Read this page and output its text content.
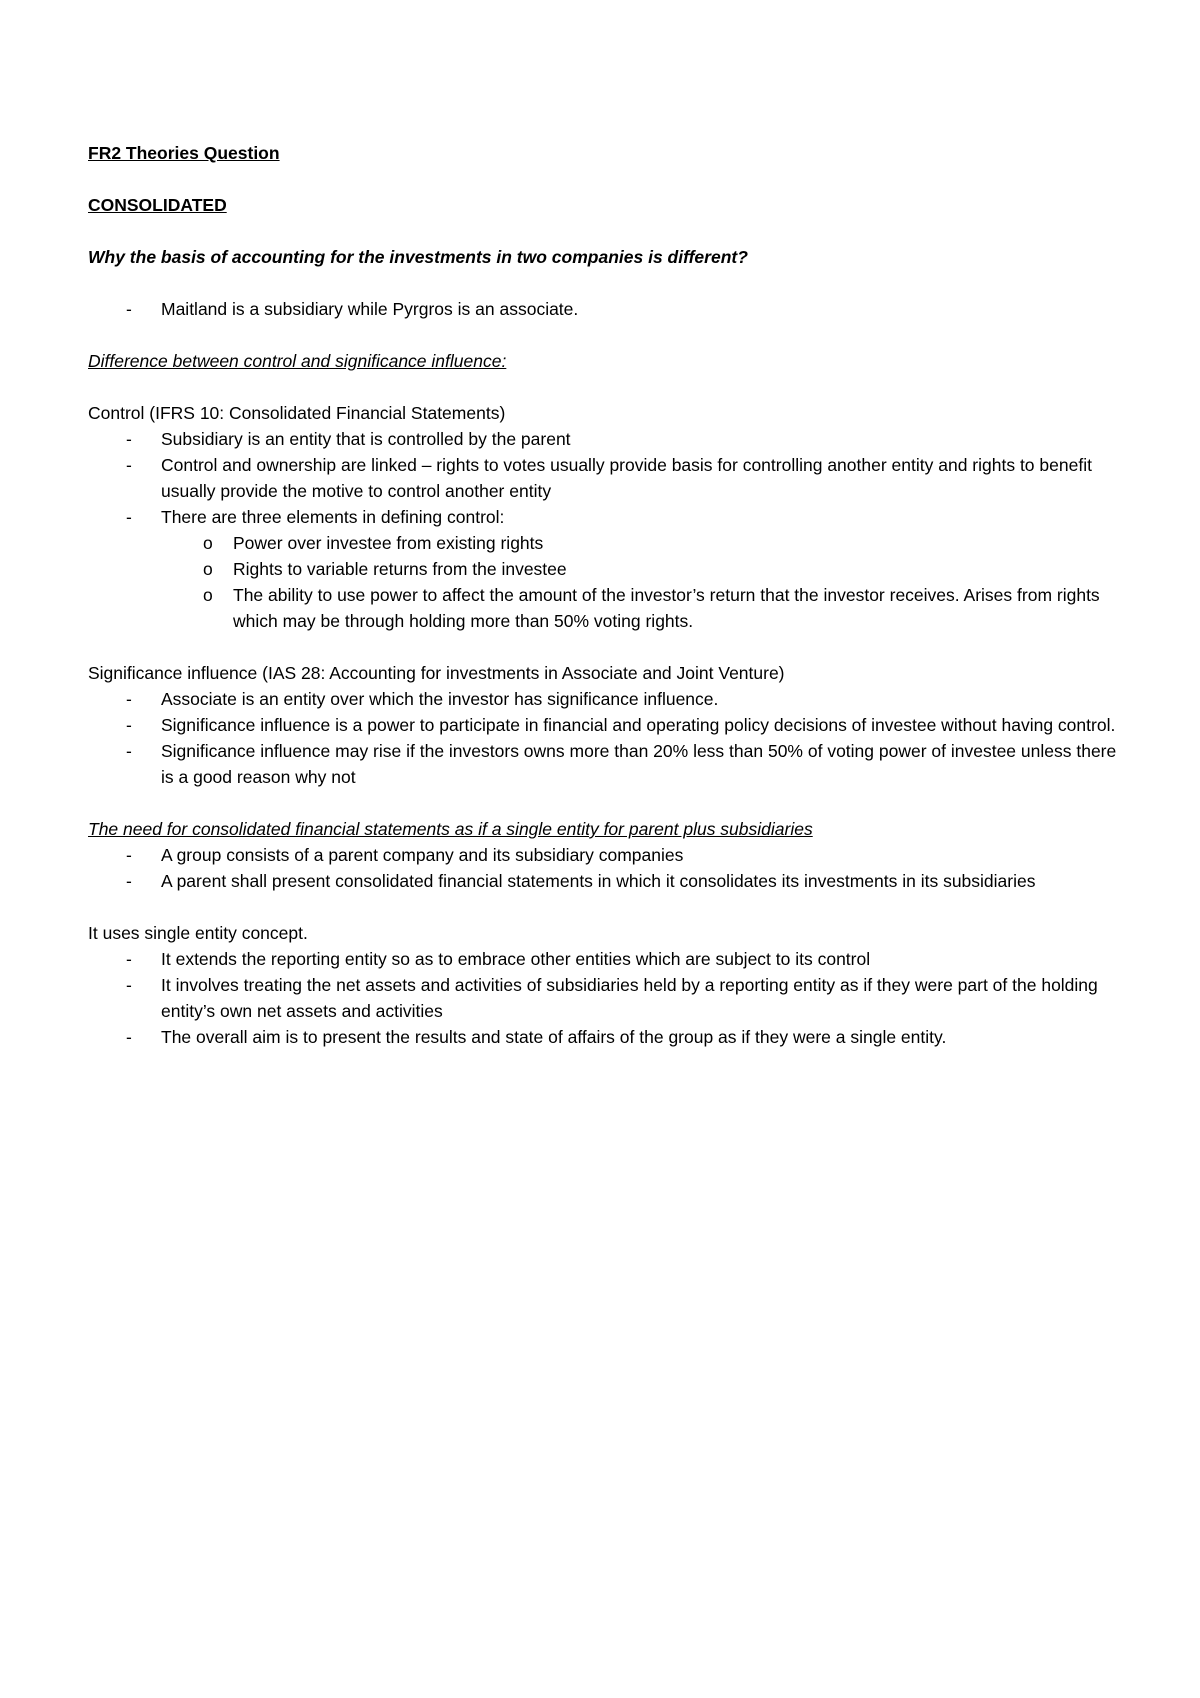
FR2 Theories Question

CONSOLIDATED

Why the basis of accounting for the investments in two companies is different?

- Maitland is a subsidiary while Pyrgros is an associate.

Difference between control and significance influence:

Control (IFRS 10: Consolidated Financial Statements)

- Subsidiary is an entity that is controlled by the parent
- Control and ownership are linked – rights to votes usually provide basis for controlling another entity and rights to benefit usually provide the motive to control another entity
- There are three elements in defining control:
o Power over investee from existing rights
o Rights to variable returns from the investee
o The ability to use power to affect the amount of the investor’s return that the investor receives. Arises from rights which may be through holding more than 50% voting rights.

Significance influence (IAS 28: Accounting for investments in Associate and Joint Venture)

- Associate is an entity over which the investor has significance influence.
- Significance influence is a power to participate in financial and operating policy decisions of investee without having control.
- Significance influence may rise if the investors owns more than 20% less than 50% of voting power of investee unless there is a good reason why not

The need for consolidated financial statements as if a single entity for parent plus subsidiaries

- A group consists of a parent company and its subsidiary companies
- A parent shall present consolidated financial statements in which it consolidates its investments in its subsidiaries

It uses single entity concept.

- It extends the reporting entity so as to embrace other entities which are subject to its control
- It involves treating the net assets and activities of subsidiaries held by a reporting entity as if they were part of the holding entity’s own net assets and activities
- The overall aim is to present the results and state of affairs of the group as if they were a single entity.
